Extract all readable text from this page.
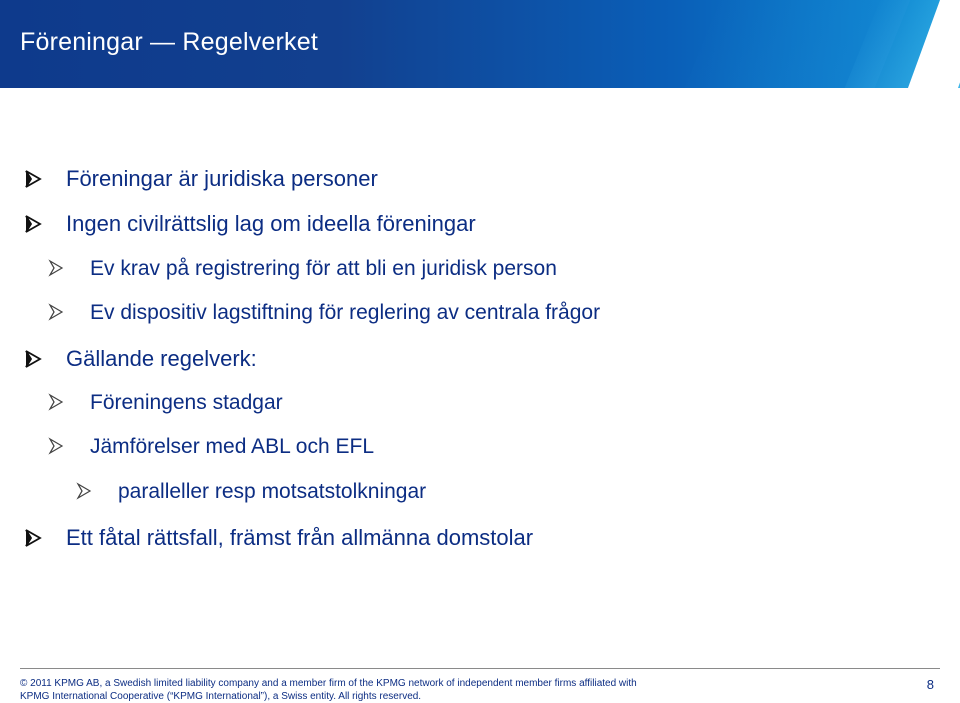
Föreningar — Regelverket
Föreningar är juridiska personer
Ingen civilrättslig lag om ideella föreningar
Ev krav på registrering för att bli en juridisk person
Ev dispositiv lagstiftning för reglering av centrala frågor
Gällande regelverk:
Föreningens stadgar
Jämförelser med ABL och EFL
paralleller resp motsatstolkningar
Ett fåtal rättsfall, främst från allmänna domstolar
© 2011 KPMG AB, a Swedish limited liability company and a member firm of the KPMG network of independent member firms affiliated with KPMG International Cooperative (“KPMG International”), a Swiss entity. All rights reserved.
8
